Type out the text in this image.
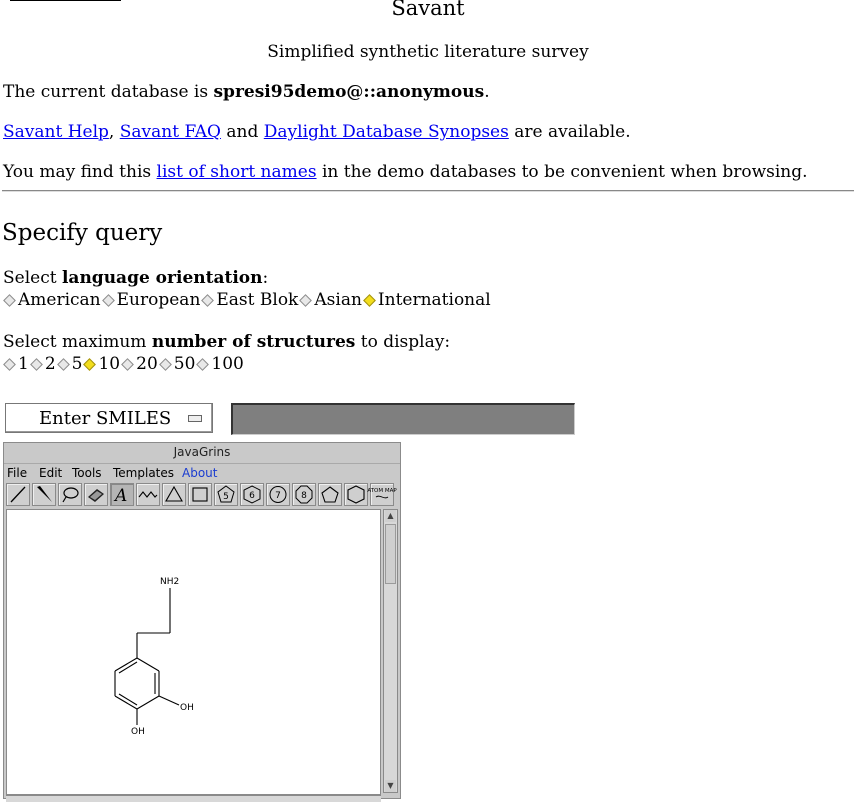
Savant
Simplified synthetic literature survey
The current database is spresi95demo@::anonymous.
Savant Help, Savant FAQ and Daylight Database Synopses are available.
You may find this list of short names in the demo databases to be convenient when browsing.
Specify query
Select language orientation:
American European East Blok Asian International
Select maximum number of structures to display:
1 2 5 10 20 50 100
Enter SMILES
JavaGrins
File Edit Tools Templates About
A	5 6 7 8	ATOM MAP
NH2
OH
OH
▲
▼
